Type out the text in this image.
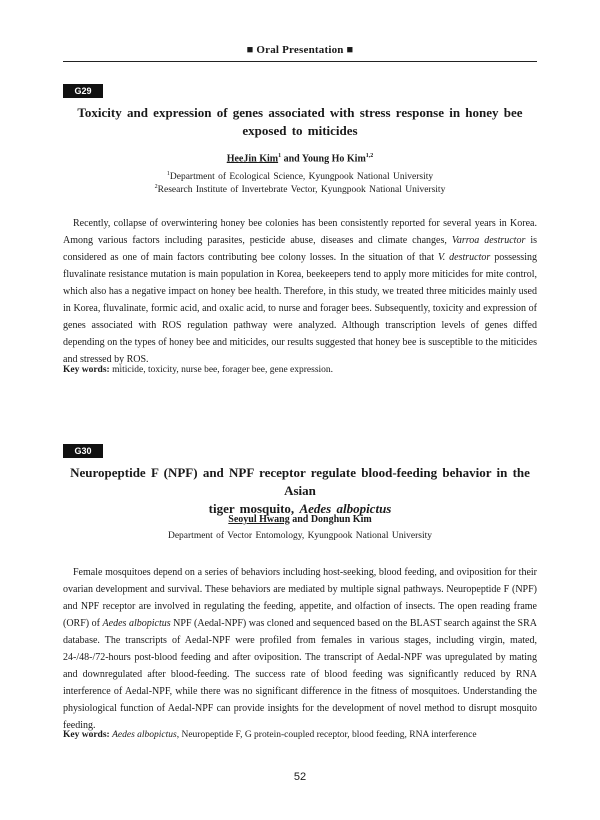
■ Oral Presentation ■
G29
Toxicity and expression of genes associated with stress response in honey bee
exposed to miticides
HeeJin Kim$^1$ and Young Ho Kim$^{1,2}$
$^1$Department of Ecological Science, Kyungpook National University
$^2$Research Institute of Invertebrate Vector, Kyungpook National University

Recently, collapse of overwintering honey bee colonies has been consistently reported for several years in Korea. Among various factors including parasites, pesticide abuse, diseases and climate changes, Varroa destructor is considered as one of main factors contributing bee colony losses. In the situation of that V. destructor possessing fluvalinate resistance mutation is main population in Korea, beekeepers tend to apply more miticides for mite control, which also has a negative impact on honey bee health. Therefore, in this study, we treated three miticides mainly used in Korea, fluvalinate, formic acid, and oxalic acid, to nurse and forager bees. Subsequently, toxicity and expression of genes associated with ROS regulation pathway were analyzed. Although transcription levels of genes diffed depending on the types of honey bee and miticides, our results suggested that honey bee is susceptible to the miticides and stressed by ROS.

Key words: miticide, toxicity, nurse bee, forager bee, gene expression.

G30
Neuropeptide F (NPF) and NPF receptor regulate blood-feeding behavior in the Asian
tiger mosquito, Aedes albopictus
Seoyul Hwang and Donghun Kim
Department of Vector Entomology, Kyungpook National University

Female mosquitoes depend on a series of behaviors including host-seeking, blood feeding, and oviposition for their ovarian development and survival. These behaviors are mediated by multiple signal pathways. Neuropeptide F (NPF) and NPF receptor are involved in regulating the feeding, appetite, and olfaction of insects. The open reading frame (ORF) of Aedes albopictus NPF (Aedal-NPF) was cloned and sequenced based on the BLAST search against the SRA database. The transcripts of Aedal-NPF were profiled from females in various stages, including virgin, mated, 24-/48-/72-hours post-blood feeding and after oviposition. The transcript of Aedal-NPF was upregulated by mating and downregulated after blood-feeding. The success rate of blood feeding was significantly reduced by RNA interference of Aedal-NPF, while there was no significant difference in the fitness of mosquitoes. Understanding the physiological function of Aedal-NPF can provide insights for the development of novel method to disrupt mosquito feeding.

Key words: Aedes albopictus, Neuropeptide F, G protein-coupled receptor, blood feeding, RNA interference

52
